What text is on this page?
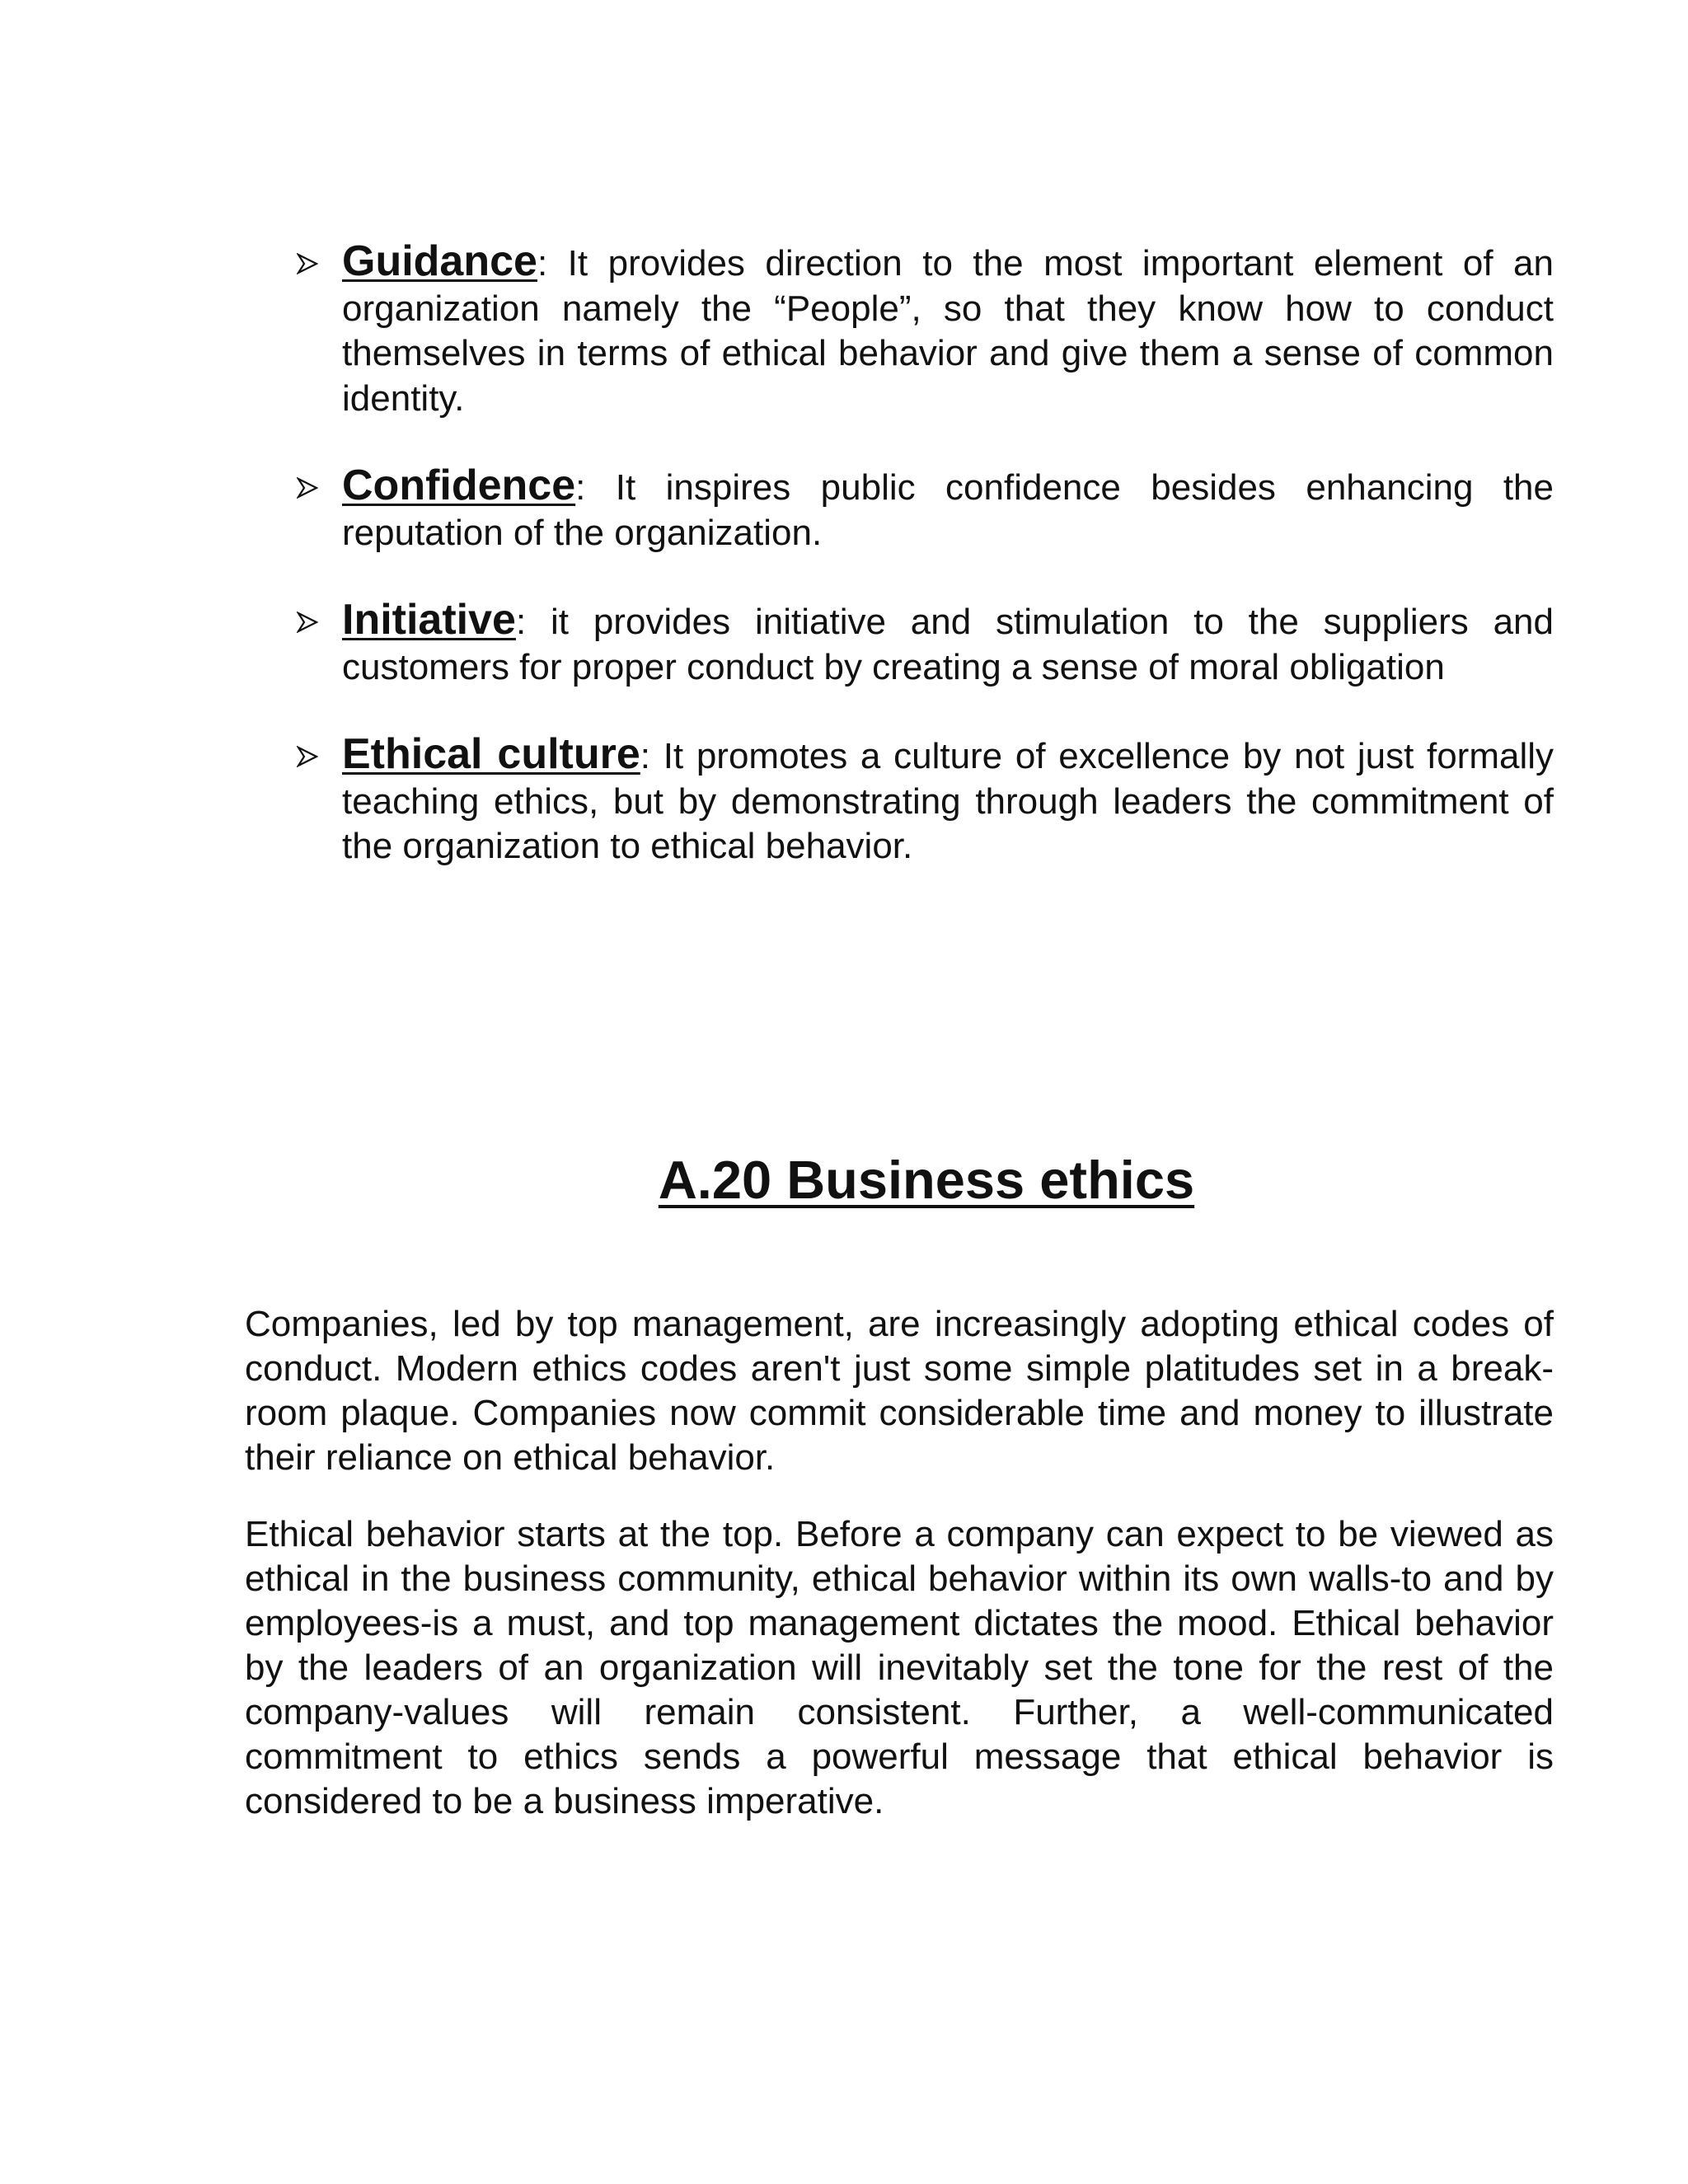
Guidance: It provides direction to the most important element of an organization namely the “People”, so that they know how to conduct themselves in terms of ethical behavior and give them a sense of common identity.
Confidence: It inspires public confidence besides enhancing the reputation of the organization.
Initiative: it provides initiative and stimulation to the suppliers and customers for proper conduct by creating a sense of moral obligation
Ethical culture: It promotes a culture of excellence by not just formally teaching ethics, but by demonstrating through leaders the commitment of the organization to ethical behavior.
A.20 Business ethics

Companies, led by top management, are increasingly adopting ethical codes of conduct. Modern ethics codes aren't just some simple platitudes set in a break-room plaque. Companies now commit considerable time and money to illustrate their reliance on ethical behavior.

Ethical behavior starts at the top. Before a company can expect to be viewed as ethical in the business community, ethical behavior within its own walls-to and by employees-is a must, and top management dictates the mood. Ethical behavior by the leaders of an organization will inevitably set the tone for the rest of the company-values will remain consistent. Further, a well-communicated commitment to ethics sends a powerful message that ethical behavior is considered to be a business imperative.
